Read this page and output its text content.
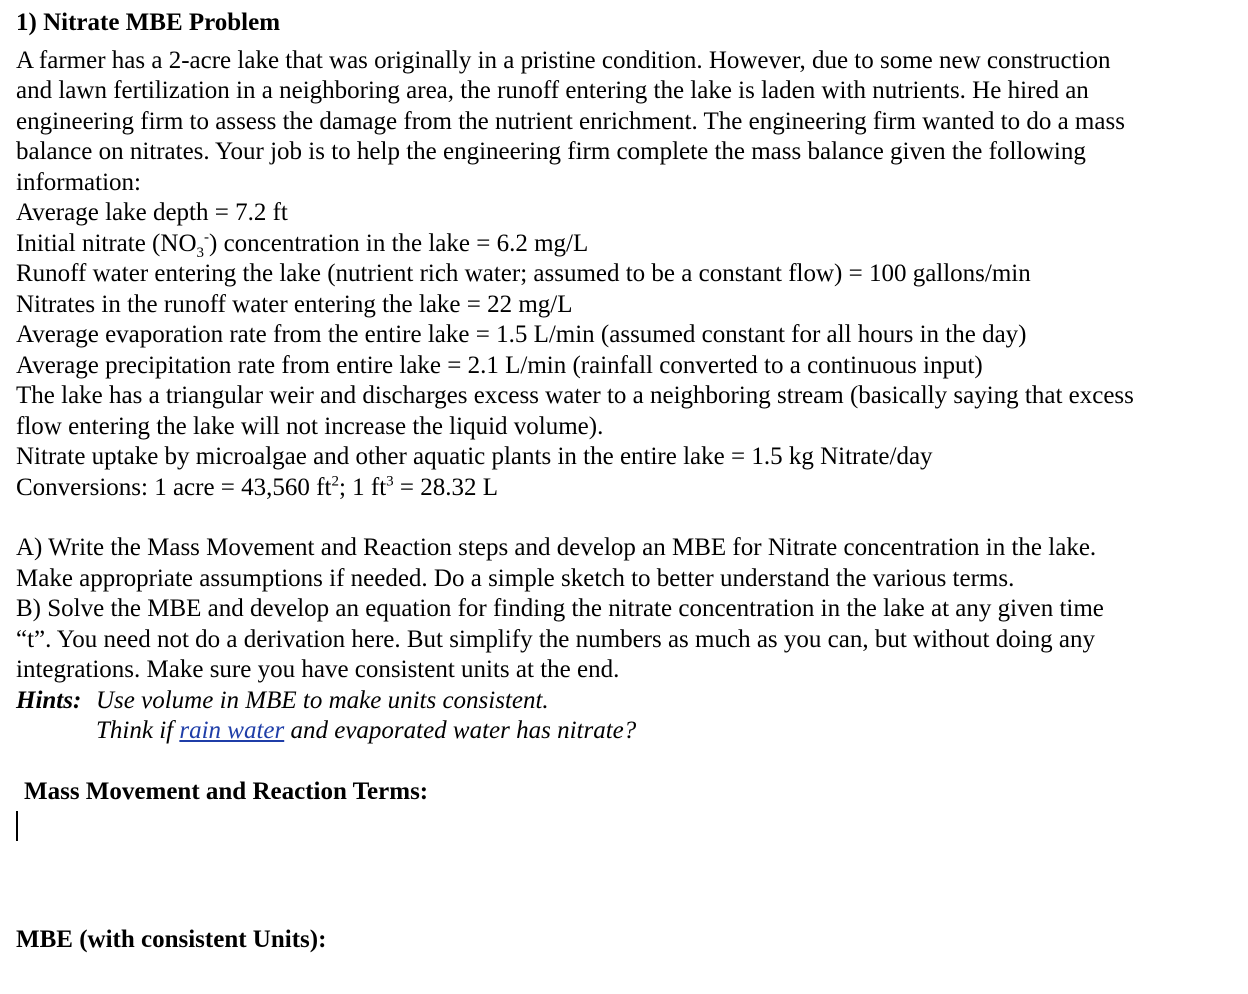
1) Nitrate MBE Problem
A farmer has a 2-acre lake that was originally in a pristine condition. However, due to some new construction
and lawn fertilization in a neighboring area, the runoff entering the lake is laden with nutrients. He hired an
engineering firm to assess the damage from the nutrient enrichment. The engineering firm wanted to do a mass
balance on nitrates. Your job is to help the engineering firm complete the mass balance given the following
information:
Average lake depth = 7.2 ft
Initial nitrate $(NO_3^-)$ concentration in the lake = 6.2 mg/L
Runoff water entering the lake (nutrient rich water; assumed to be a constant flow) = 100 gallons/min
Nitrates in the runoff water entering the lake = 22 mg/L
Average evaporation rate from the entire lake = 1.5 L/min (assumed constant for all hours in the day)
Average precipitation rate from entire lake = 2.1 L/min (rainfall converted to a continuous input)
The lake has a triangular weir and discharges excess water to a neighboring stream (basically saying that excess
flow entering the lake will not increase the liquid volume).
Nitrate uptake by microalgae and other aquatic plants in the entire lake = 1.5 kg Nitrate/day
Conversions: 1 acre = 43,560 $ft^2$; 1 $ft^3 = 28.32$ L
A) Write the Mass Movement and Reaction steps and develop an MBE for Nitrate concentration in the lake.
Make appropriate assumptions if needed. Do a simple sketch to better understand the various terms.
B) Solve the MBE and develop an equation for finding the nitrate concentration in the lake at any given time
“t”. You need not do a derivation here. But simplify the numbers as much as you can, but without doing any
integrations. Make sure you have consistent units at the end.
Hints: Use volume in MBE to make units consistent.
Think if rain water and evaporated water has nitrate?
Mass Movement and Reaction Terms:
MBE (with consistent Units):
